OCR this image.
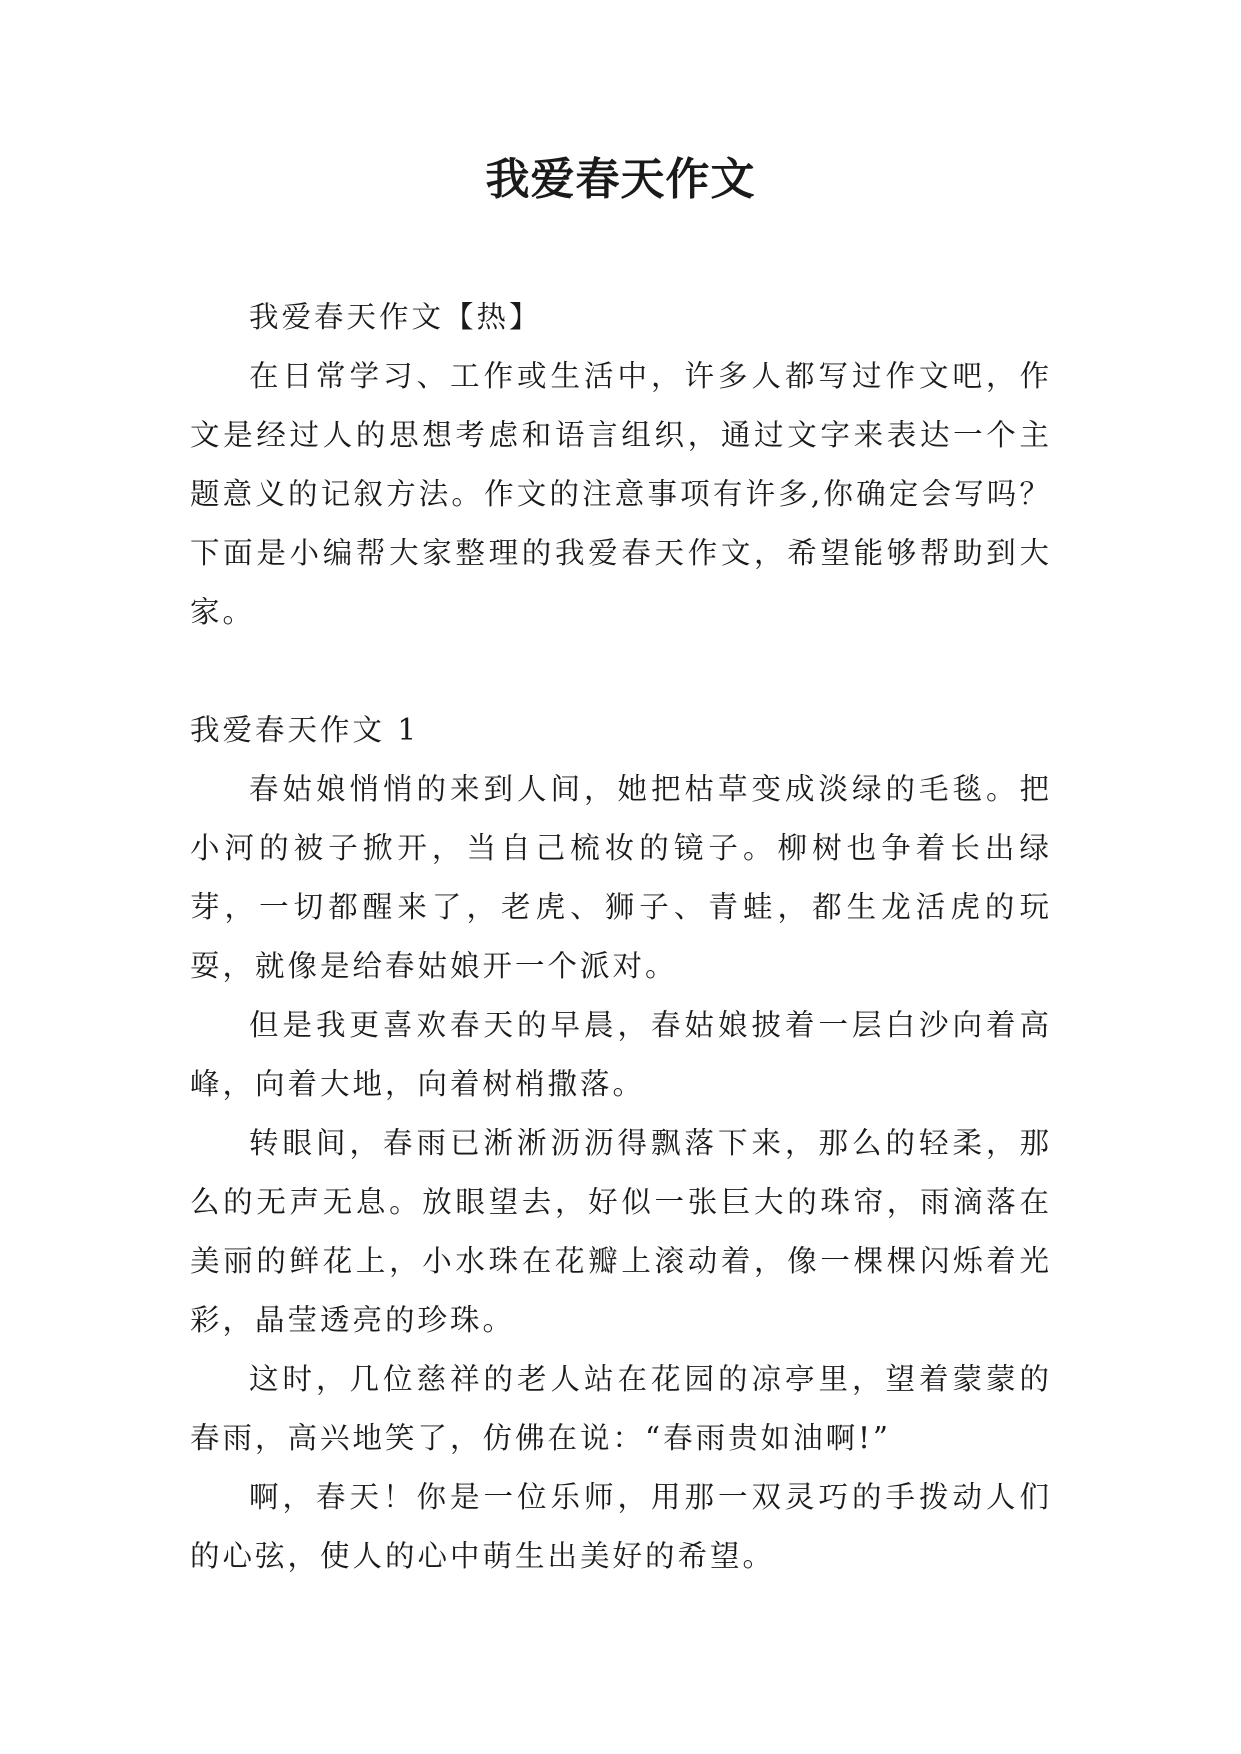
我爱春天作文

我爱春天作文【热】

在日常学习、工作或生活中，许多人都写过作文吧，作文是经过人的思想考虑和语言组织，通过文字来表达一个主题意义的记叙方法。作文的注意事项有许多,你确定会写吗？下面是小编帮大家整理的我爱春天作文，希望能够帮助到大家。

我爱春天作文 1

春姑娘悄悄的来到人间，她把枯草变成淡绿的毛毯。把小河的被子掀开，当自己梳妆的镜子。柳树也争着长出绿芽，一切都醒来了，老虎、狮子、青蛙，都生龙活虎的玩耍，就像是给春姑娘开一个派对。

但是我更喜欢春天的早晨，春姑娘披着一层白沙向着高峰，向着大地，向着树梢撒落。

转眼间，春雨已淅淅沥沥得飘落下来，那么的轻柔，那么的无声无息。放眼望去，好似一张巨大的珠帘，雨滴落在美丽的鲜花上，小水珠在花瓣上滚动着，像一棵棵闪烁着光彩，晶莹透亮的珍珠。

这时，几位慈祥的老人站在花园的凉亭里，望着蒙蒙的春雨，高兴地笑了，仿佛在说：“春雨贵如油啊!”

啊，春天！你是一位乐师，用那一双灵巧的手拨动人们的心弦，使人的心中萌生出美好的希望。
